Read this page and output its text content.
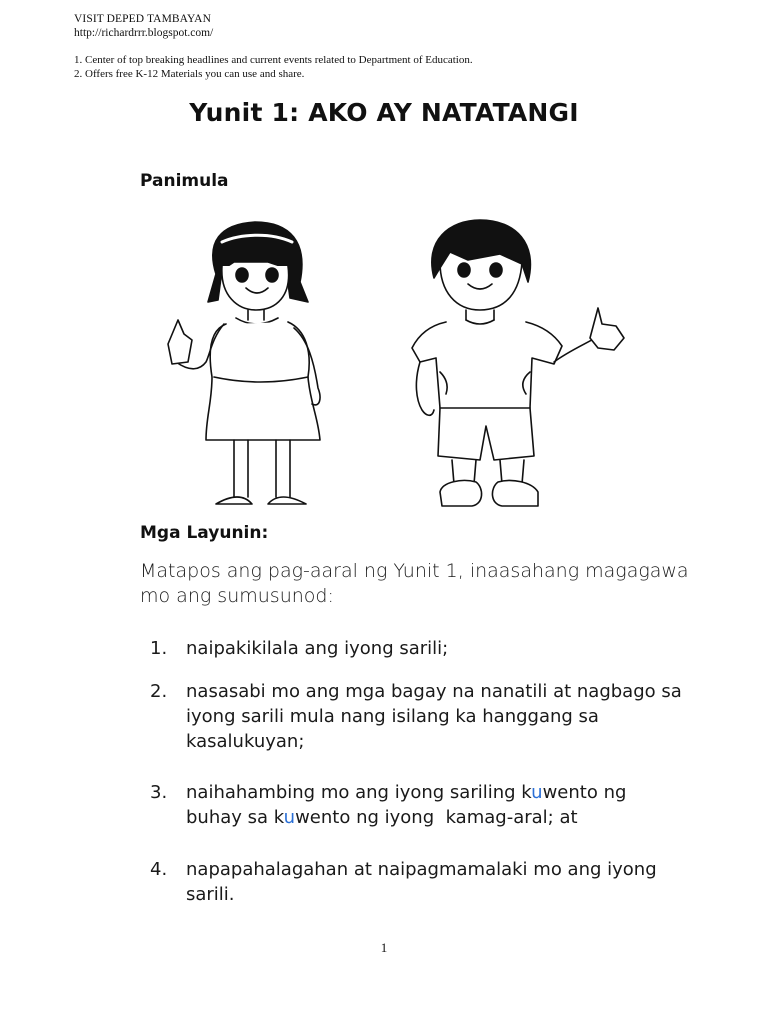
VISIT DEPED TAMBAYAN
http://richardrrr.blogspot.com/
1. Center of top breaking headlines and current events related to Department of Education.
2. Offers free K-12 Materials you can use and share.
Yunit 1: AKO AY NATATANGI
Panimula
Mga Layunin:
Matapos ang pag-aaral ng Yunit 1, inaasahang magagawa mo ang sumusunod:
1. naipakikilala ang iyong sarili;
2. nasasabi mo ang mga bagay na nanatili at nagbago sa iyong sarili mula nang isilang ka hanggang sa kasalukuyan;
3. naihahambing mo ang iyong sariling kuwento ng buhay sa kuwento ng iyong  kamag-aral; at
4. napapahalagahan at naipagmamalaki mo ang iyong sarili.
1
